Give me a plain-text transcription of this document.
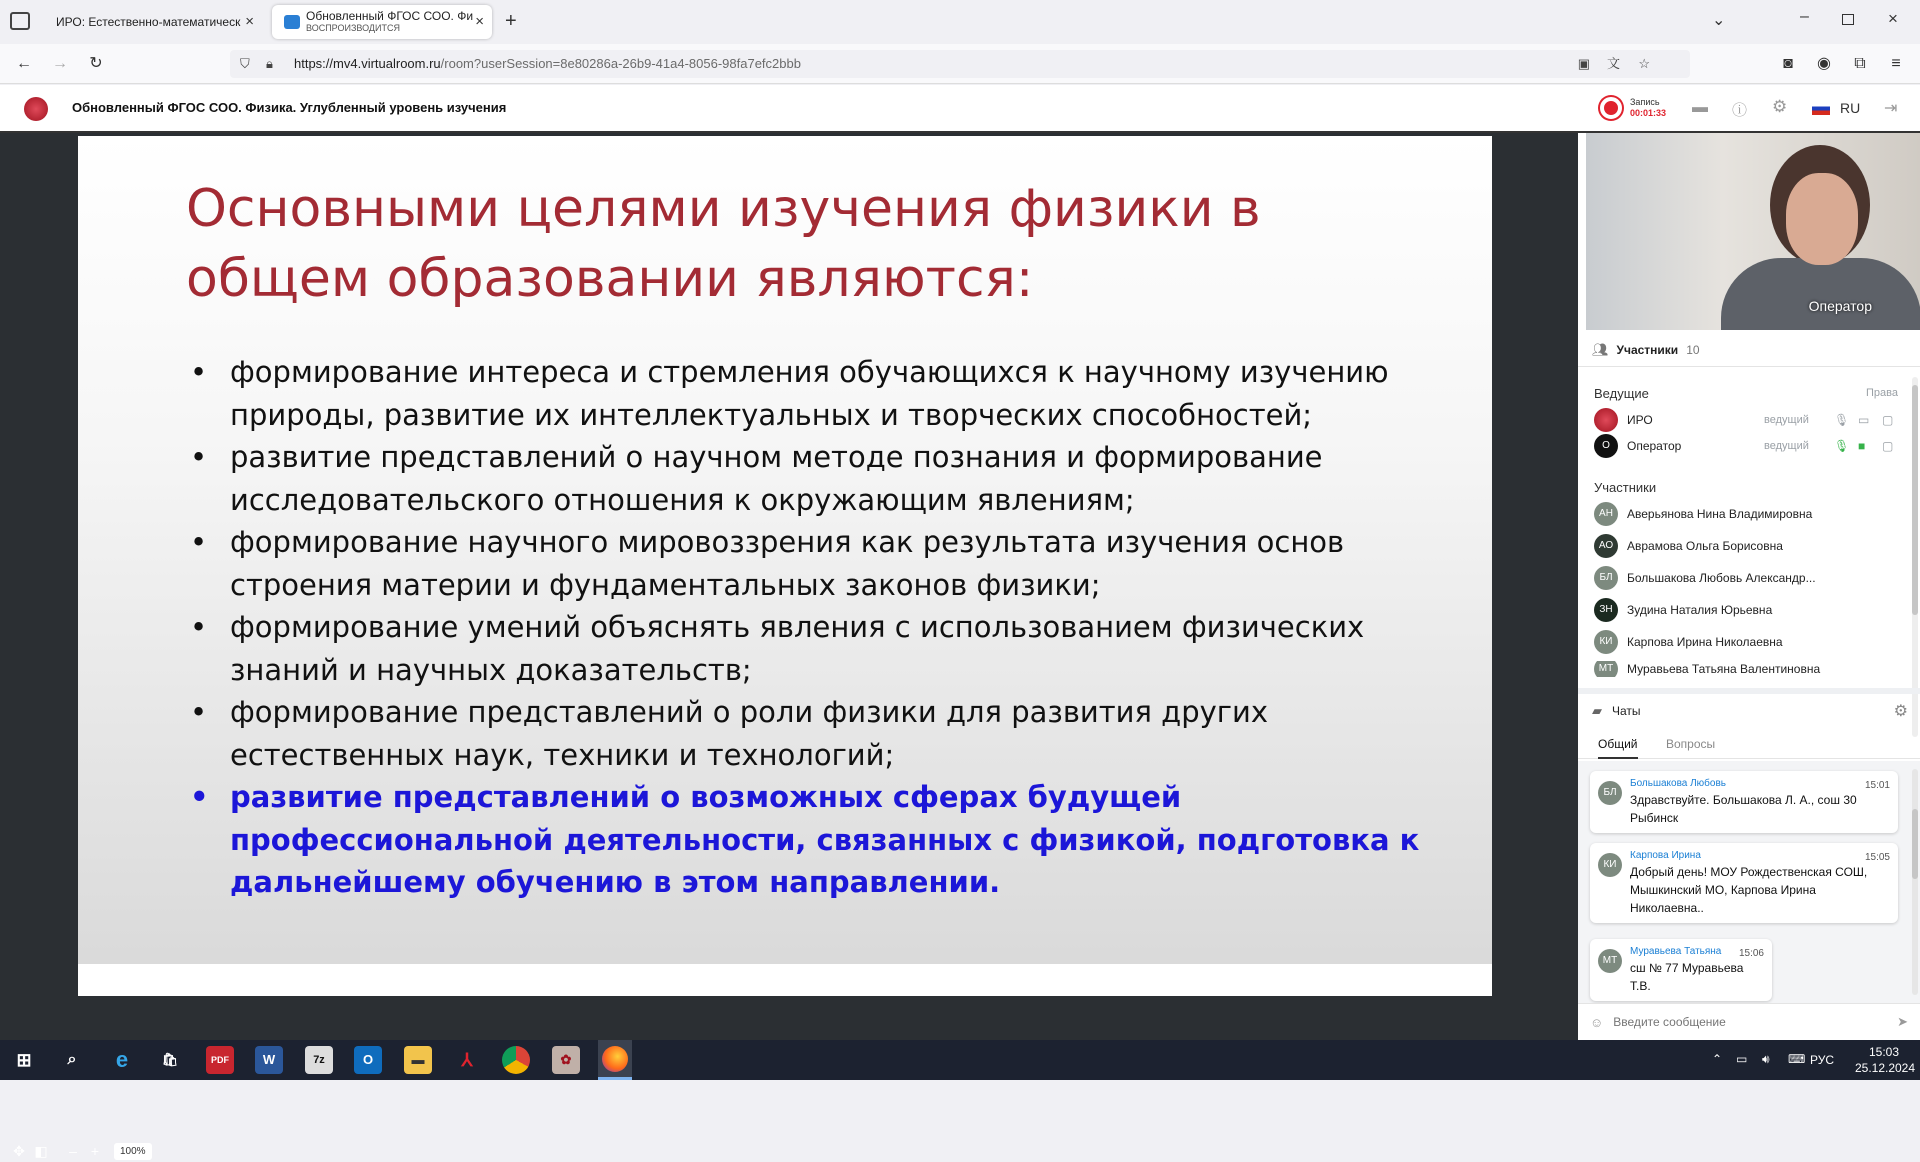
ИРО: Естественно-математическ ×	Обновленный ФГОС СОО. Фи
ВОСПРОИЗВОДИТСЯ	× +	⌄	–	×
← →	↻	⛉ 🔒︎ https://mv4.virtualroom.ru/room?userSession=8e80286a-26b9-41a4-8056-98fa7efc2bbb	▣ 文 ☆	◙	◉	⧉	≡
Обновленный ФГОС СОО. Физика. Углубленный уровень изучения	Запись
00:01:33 ▬ ⓘ ⚙	RU ⇥
Основными целями изучения физики в общем образовании являются:
• формирование интереса и стремления обучающихся к научному изучению природы, развитие их интеллектуальных и творческих способностей;
• развитие представлений о научном методе познания и формирование исследовательского отношения к окружающим явлениям;
• формирование научного мировоззрения как результата изучения основ строения материи и фундаментальных законов физики;
• формирование умений объяснять явления с использованием физических знаний и научных доказательств;
• формирование представлений о роли физики для развития других естественных наук, техники и технологий;
• развитие представлений о возможных сферах будущей профессиональной деятельности, связанных с физикой, подготовка к дальнейшему обучению в этом направлении.
✥ ◧	–	+	100%
Оператор
👥︎ Участники 10
Ведущие	Права
ИРО	ведущий	🎙︎ ▭	▢
О	Оператор	ведущий	🎙︎ ■	▢
Участники
АН	Аверьянова Нина Владимировна
АО	Аврамова Ольга Борисовна
БЛ	Большакова Любовь Александр...
ЗН	Зудина Наталия Юрьевна
КИ	Карпова Ирина Николаевна
МТ	Муравьева Татьяна Валентиновна
▰ Чаты	⚙
Общий Вопросы
БЛ
Большакова Любовь	15:01
Здравствуйте. Большакова Л. А., сош 30 Рыбинск
КИ
Карпова Ирина	15:05
Добрый день! МОУ Рождественская СОШ, Мышкинский МО, Карпова Ирина Николаевна..
МТ
Муравьева Татьяна	15:06
сш № 77 Муравьева Т.В.
☺
Введите сообщение	➤
⊞	⌕	e	🛍︎	PDF	W	7z	O	▬	⅄	✿	⌃ ▭ 🔊︎ ⌨ РУС
15:03
25.12.2024
